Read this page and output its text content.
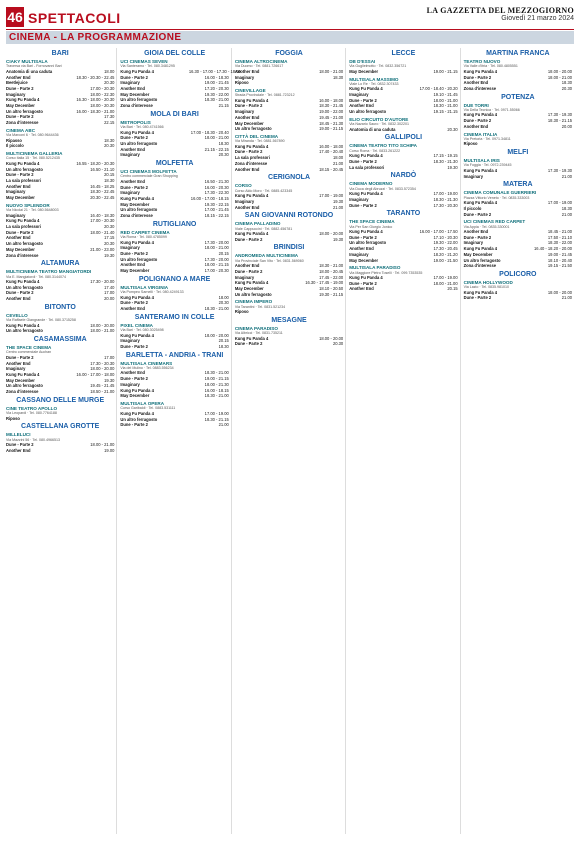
46 SPETTACOLI	LA GAZZETTA DEL MEZZOGIORNO
Giovedì 21 marzo 2024
CINEMA - LA PROGRAMMAZIONE
BARI
CIAKY MULTISALA
Traversa via Bari - Fornovanni Bari
Anatomia di una caduta	18.00
Another End	18.30 - 20.30 - 22.45
Beetlejuice	20.30
Dune - Parte 2	17.00 - 20.30
Imaginary	18.00 - 22.30
Kung Fu Panda 4	16.30 - 18.00 - 20.30
May December	18.00 - 20.30
Un altro ferragosto	16.00 - 18.30 - 21.00
Dune - Parte 2	17.30
Zona d'interesse	22.15
CINEMA ABC
Via Marconi 6 · Tel. 080.9644436
Ripasso	18.30
Il piccolo	20.30
MULTICINEMA GALLERIA
Corso Italia 15 · Tel. 080.5212435
Kung Fu Panda 4	16.55 - 18.20 - 20.30
Un altro ferragosto	16.50 - 21.10
Dune - Parte 2	20.15
La sala professori	18.30
Another End	16.45 - 18.25
Imaginary	18.30 - 22.45
May December	20.30 - 22.45
NUOVO SPLENDOR
Via Nicolai 21 · Tel. 080.5648003
Imaginary	16.40 - 18.30
Kung Fu Panda 4	17.00 - 20.30
La sala professori	20.30
Dune - Parte 2	18.00 - 21.40
Another End	17.15
Un altro ferragosto	20.30
May December	21.00 - 23.00
Zona d'interesse	19.30
ALTAMURA
MULTICINEMA TEATRO MANGIATORDI
Via E. Mangiatordi · Tel. 080.3144074
Kung Fu Panda 4	17.30 - 20.00
Un altro ferragosto	17.40
Dune - Parte 2	17.00
Another End	20.00
BITONTO
CEVELLO
Via Raffaele Giangrande · Tel. 080.3715258
Kung Fu Panda 4	18.00 - 20.00
Un altro ferragosto	18.00 - 21.00
CASAMASSIMA
THE SPACE CINEMA
Centro commerciale Auchan
Dune - Parte 2	17.00
Another End	17.30 - 20.30
Imaginary	18.00 - 20.00
Kung Fu Panda 4	16.00 - 17.00 - 18.00
May December	19.30
Un altro ferragosto	19.45 - 21.45
Zona d'interesse	18.50 - 21.00
CASSANO DELLE MURGE
CINE TEATRO APOLLO
Via Leopardi · Tel. 080.7764188
Riposo
CASTELLANA GROTTE
MILLELUCI
Via Mazzini 56 · Tel. 080.4966513
Dune - Parte 2	18.00 - 21.00
Another End	19.00
GIOIA DEL COLLE
UCI CINEMAS SEVEN
Via Santeramo · Tel. 080.3481295
Kung Fu Panda 4	16.30 - 17.00 - 17.30 - 18.00
Dune - Parte 2	16.00 - 18.30
Imaginary	19.00 - 21.45
Another End	17.20 - 20.30
May December	19.30 - 22.00
Un altro ferragosto	18.30 - 21.00
Zona d'interesse	21.15
MOLA DI BARI
METROPOLIS
Via Bari · Tel. 080.4741566
Kung Fu Panda 4	17.00 - 18.30 - 20.40
Dune - Parte 2	18.00 - 21.00
Un altro ferragosto	18.30
Another End	21.15 - 22.15
Imaginary	20.30
MOLFETTA
UCI CINEMAS MOLFETTA
Centro commerciale Gran Shopping
Another End	16.50 - 21.30
Dune - Parte 2	16.00 - 20.30
Imaginary	17.30 - 22.30
Kung Fu Panda 4	16.00 - 17.00 - 18.15
May December	19.30 - 22.15
Un altro ferragosto	17.00 - 21.45
Zona d'interesse	18.15 - 22.15
RUTIGLIANO
RED CARPET CINEMA
Via Roma · Tel. 080.4785099
Kung Fu Panda 4	17.30 - 20.00
Imaginary	18.00 - 21.00
Dune - Parte 2	20.15
Un altro ferragosto	17.30 - 20.00
Another End	18.00 - 21.15
May December	17.00 - 20.30
POLIGNANO A MARE
MULTISALA VIRGINIA
Via Pompeo Sarnelli · Tel. 080.4249133
Kung Fu Panda 4	18.00
Dune - Parte 2	20.30
Another End	18.30 - 21.00
SANTERAMO IN COLLE
PIXEL CINEMA
Via Bari · Tel. 080.3025498
Kung Fu Panda 4	18.00 - 20.00
Imaginary	20.15
Dune - Parte 2	18.30
BARLETTA - ANDRIA - TRANI
MULTISALA CINEMARS
Via del Mulino · Tel. 0883.556234
Another End	18.30 - 21.00
Dune - Parte 2	19.00 - 21.15
Imaginary	18.00 - 21.30
Kung Fu Panda 4	16.00 - 18.15
May December	18.30 - 21.00
MULTISALA OPERA
Corso Garibaldi · Tel. 0883.531111
Kung Fu Panda 4	17.00 - 19.00
Un altro ferragosto	18.30 - 21.15
Dune - Parte 2	21.00
FOGGIA
CINEMA ALTROCINEMA
Via Duomo · Tel. 0881.726617
Another End	18.00 - 21.00
Imaginary	18.30
Riposo
CINEVILLAGE
Strada Provinciale · Tel. 0881.723212
Kung Fu Panda 4	16.00 - 18.00
Dune - Parte 2	18.30 - 21.45
Imaginary	19.00 - 22.00
Another End	19.45 - 21.00
May December	18.45 - 21.30
Un altro ferragosto	19.00 - 21.15
CITTÀ DEL CINEMA
Via Miranda · Tel. 0881.567890
Kung Fu Panda 4	16.00 - 18.00
Dune - Parte 2	17.40 - 20.40
La sala professori	18.00
Zona d'interesse	21.00
Another End	18.15 - 20.45
CERIGNOLA
CORSO
Corso Aldo Moro · Tel. 0885.423345
Kung Fu Panda 4	17.00 - 19.00
Imaginary	19.30
Another End	21.00
SAN GIOVANNI ROTONDO
CINEMA PALLADINO
Viale Cappuccini · Tel. 0882.456781
Kung Fu Panda 4	18.00 - 20.00
Dune - Parte 2	19.30
BRINDISI
ANDROMEDA MULTICINEMA
Via Provinciale San Vito · Tel. 0831.569060
Another End	18.30 - 21.00
Dune - Parte 2	18.00 - 20.45
Imaginary	17.45 - 22.00
Kung Fu Panda 4	16.30 - 17.45 - 19.00
May December	18.10 - 20.50
Un altro ferragosto	19.30 - 21.15
CINEMA IMPERO
Via Tarantini · Tel. 0831.521234
Riposo
MESAGNE
CINEMA PARADISO
Via Albricci · Tel. 0831.735211
Kung Fu Panda 4	18.00 - 20.00
Dune - Parte 2	20.30
LECCE
DB D'ESSAI
Via Guglielmotto · Tel. 0832.356721
May December	19.00 - 21.15
MULTISALA MASSIMO
Viale Lo Re · Tel. 0832.307433
Kung Fu Panda 4	17.00 - 18.40 - 20.20
Imaginary	19.10 - 21.45
Dune - Parte 2	18.00 - 21.00
Another End	18.30 - 21.00
Un altro ferragosto	19.15 - 21.15
ELIO CIRCUITO D'AUTORE
Via Nazario Sauro · Tel. 0832.302201
Anatomia di una caduta	20.30
GALLIPOLI
CINEMA TEATRO TITO SCHIPA
Corso Roma · Tel. 0833.261222
Kung Fu Panda 4	17.15 - 19.15
Dune - Parte 2	18.30 - 21.30
La sala professori	19.30
NARDÒ
CINEMA MODERNO
Via Duca degli Abruzzi · Tel. 0833.572354
Kung Fu Panda 4	17.00 - 19.00
Imaginary	18.30 - 21.30
Dune - Parte 2	17.30 - 20.30
TARANTO
THE SPACE CINEMA
Via Per San Giorgio Jonico
Kung Fu Panda 4	16.00 - 17.00 - 17.50
Dune - Parte 2	17.10 - 20.30
Un altro ferragosto	19.30 - 22.00
Another End	17.30 - 20.45
Imaginary	18.20 - 21.20
May December	19.00 - 21.50
MULTISALA PARADISO
Via Maggiore Pietro Toselli · Tel. 099.7353535
Kung Fu Panda 4	17.00 - 19.00
Dune - Parte 2	18.00 - 21.00
Another End	20.15
MARTINA FRANCA
TEATRO NUOVO
Via Valle d'Itria · Tel. 080.4805551
Kung Fu Panda 4	18.00 - 20.00
Dune - Parte 2	18.00 - 21.00
Another End	18.30
Zona d'interesse	20.30
POTENZA
DUE TORRI
Via Della Tecnica · Tel. 0971.55066
Kung Fu Panda 4	17.30 - 19.30
Dune - Parte 2	18.30 - 21.15
Another End	20.00
CINEMA ITALIA
Via Pretoria · Tel. 0971.34811
Riposo
MELFI
MULTISALA IRIS
Via Foggia · Tel. 0972.239445
Kung Fu Panda 4	17.30 - 19.30
Imaginary	21.00
MATERA
CINEMA COMUNALE GUERRIERI
Piazza Vittorio Veneto · Tel. 0835.333003
Kung Fu Panda 4	17.00 - 19.00
Il piccolo	18.30
Dune - Parte 2	21.00
UCI CINEMAS RED CARPET
Via Appia · Tel. 0835.330001
Another End	18.45 - 21.00
Dune - Parte 2	17.50 - 21.10
Imaginary	18.30 - 22.00
Kung Fu Panda 4	16.40 - 18.20 - 20.00
May December	19.00 - 21.45
Un altro ferragosto	18.10 - 20.40
Zona d'interesse	19.15 - 21.50
POLICORO
CINEMA HOLLYWOOD
Via Lazio · Tel. 0835.981010
Kung Fu Panda 4	18.00 - 20.00
Dune - Parte 2	21.00
